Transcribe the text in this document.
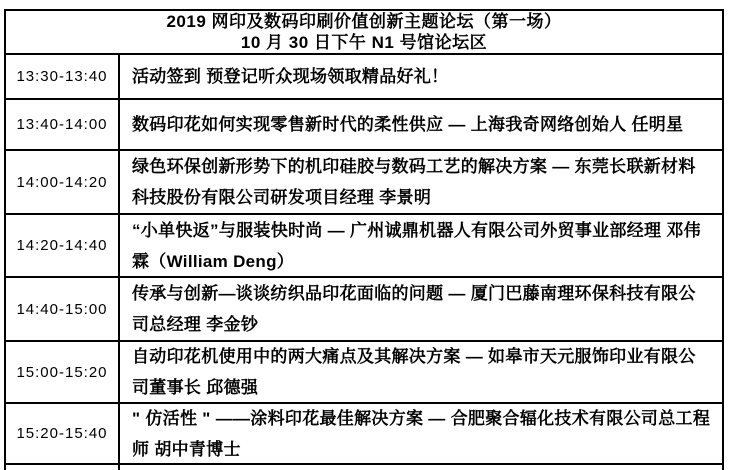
2019 网印及数码印刷价值创新主题论坛（第一场）
10 月 30 日下午 N1 号馆论坛区
13:30-13:40	活动签到 预登记听众现场领取精品好礼！
13:40-14:00	数码印花如何实现零售新时代的柔性供应 — 上海我奇网络创始人 任明星
14:00-14:20
绿色环保创新形势下的机印硅胶与数码工艺的解决方案 — 东莞长联新材料科技股份有限公司研发项目经理 李景明
14:20-14:40
“小单快返”与服装快时尚 — 广州诚鼎机器人有限公司外贸事业部经理 邓伟霖（William Deng）
14:40-15:00
传承与创新—谈谈纺织品印花面临的问题 — 厦门巴藤南理环保科技有限公司总经理 李金钞
15:00-15:20
自动印花机使用中的两大痛点及其解决方案 — 如皋市天元服饰印业有限公司董事长 邱德强
15:20-15:40
" 仿活性 " ——涂料印花最佳解决方案 — 合肥聚合辐化技术有限公司总工程师 胡中青博士
